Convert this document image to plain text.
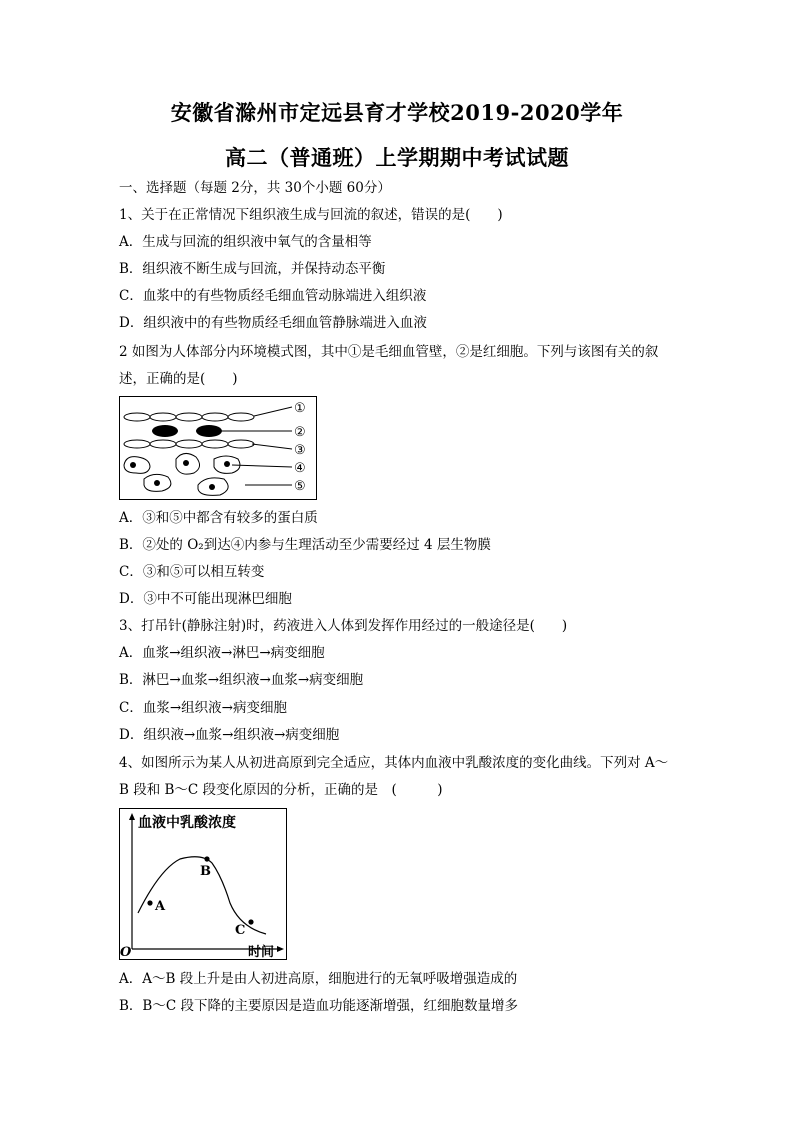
安徽省滁州市定远县育才学校2019-2020学年
高二（普通班）上学期期中考试试题
一、选择题（每题 2分，共 30个小题 60分）
1、关于在正常情况下组织液生成与回流的叙述，错误的是(　　)
A．生成与回流的组织液中氧气的含量相等
B．组织液不断生成与回流，并保持动态平衡
C．血浆中的有些物质经毛细血管动脉端进入组织液
D．组织液中的有些物质经毛细血管静脉端进入血液
2 如图为人体部分内环境模式图，其中①是毛细血管壁，②是红细胞。下列与该图有关的叙
述，正确的是(　　)
①
②
③
④
⑤
A．③和⑤中都含有较多的蛋白质
B．②处的 O₂到达④内参与生理活动至少需要经过 4 层生物膜
C．③和⑤可以相互转变
D．③中不可能出现淋巴细胞
3、打吊针(静脉注射)时，药液进入人体到发挥作用经过的一般途径是(　　)
A．血浆→组织液→淋巴→病变细胞
B．淋巴→血浆→组织液→血浆→病变细胞
C．血浆→组织液→病变细胞
D．组织液→血浆→组织液→病变细胞
4、如图所示为某人从初进高原到完全适应，其体内血液中乳酸浓度的变化曲线。下列对 A～
B 段和 B～C 段变化原因的分析，正确的是　(　　　)
血液中乳酸浓度
时间
O
A
B
C
A．A～B 段上升是由人初进高原，细胞进行的无氧呼吸增强造成的
B．B～C 段下降的主要原因是造血功能逐渐增强，红细胞数量增多
